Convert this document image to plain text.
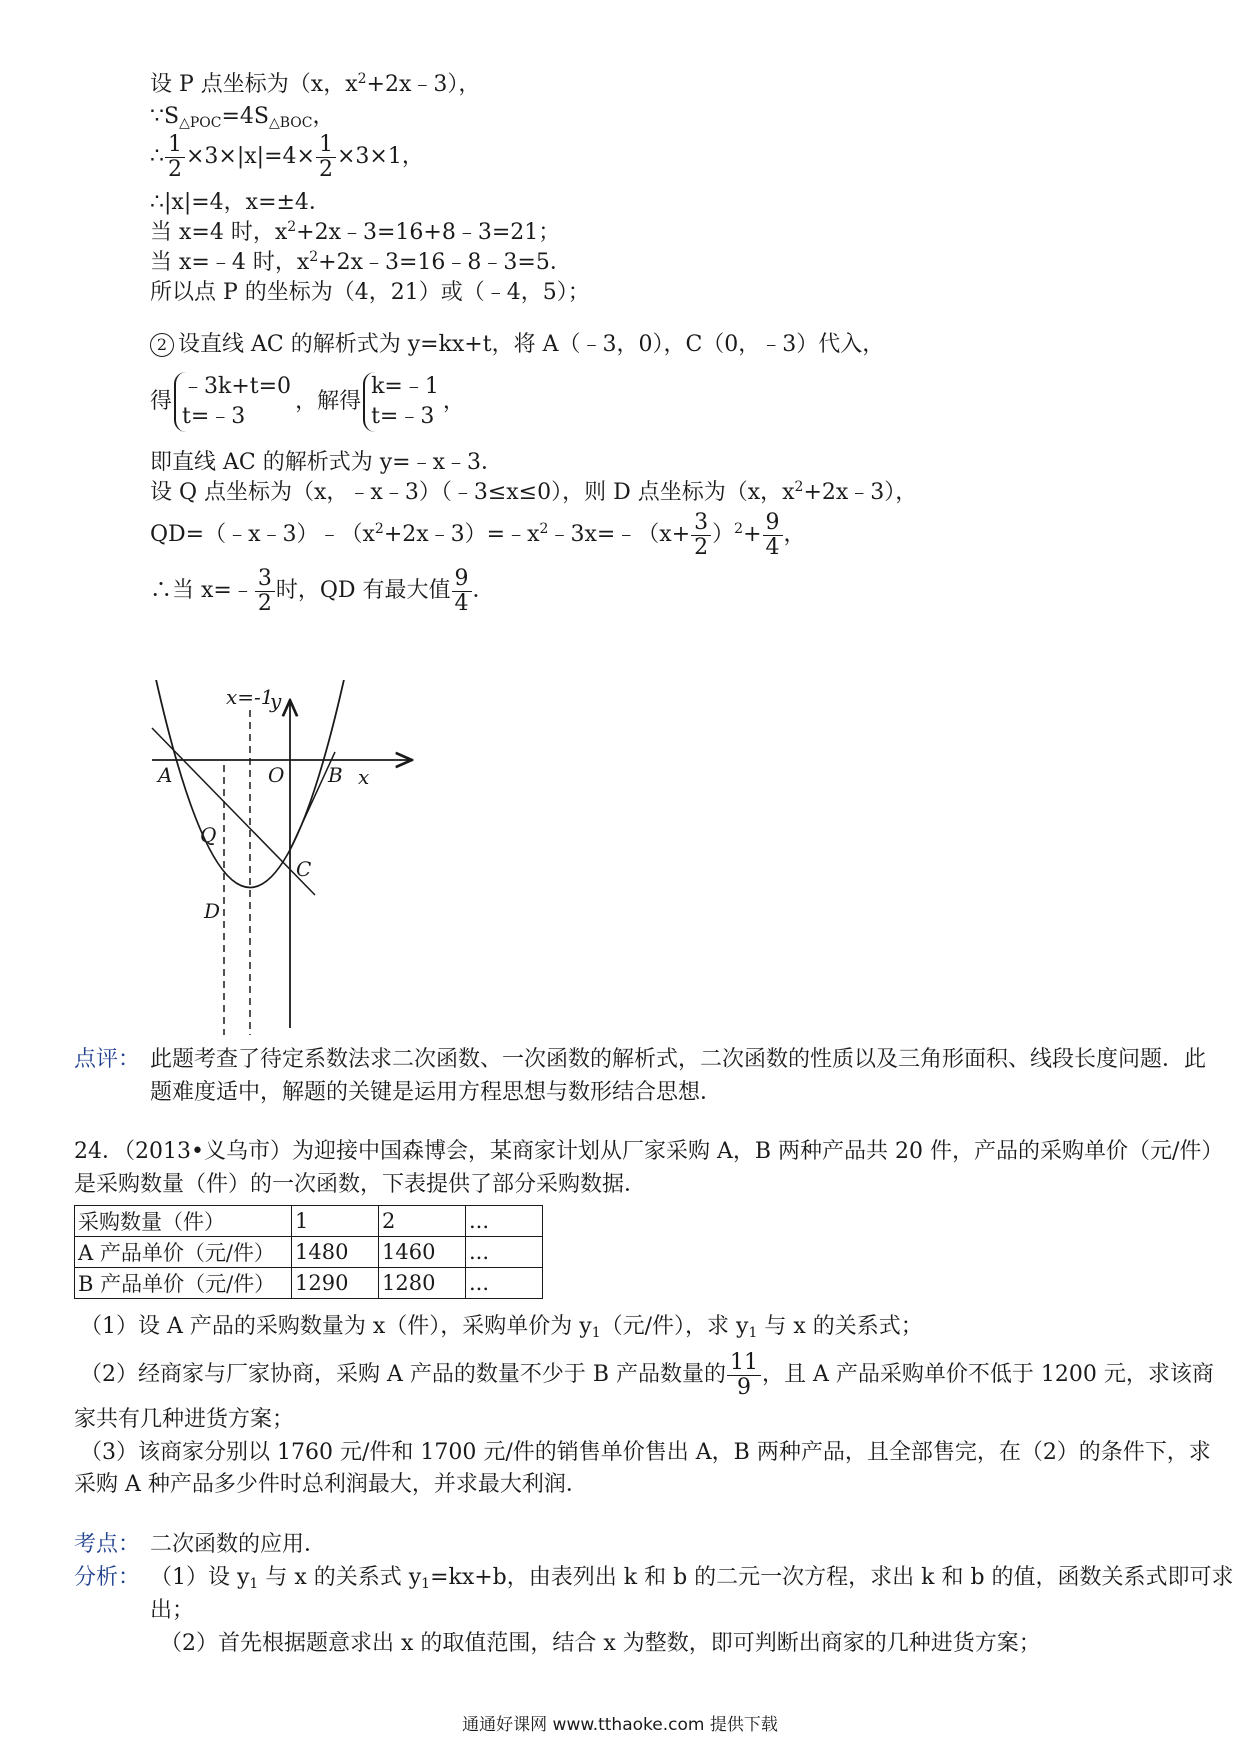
设 P 点坐标为（x，$x^2+2x﹣3$），
$\because S_{\triangle POC}=4S_{\triangle BOC}$，
∴ $\frac{1}{2} \times 3\times|x|=4\times \frac{1}{2} \times 3\times 1$，
∴|x|=4，x=±4．
当 x=4 时，$x^2+2x﹣3=16+8﹣3=21$；
当 x=﹣4 时，$x^2+2x﹣3=16﹣8﹣3=5$．
所以点 P 的坐标为（4，21）或（﹣4，5）；
2 设直线 AC 的解析式为 y=kx+t，将 A（﹣3，0），C（0，﹣3）代入，
得
﹣3k+t=0
t=﹣3
，解得
k=﹣1
t=﹣3
，
即直线 AC 的解析式为 y=﹣x﹣3．
设 Q 点坐标为（x，﹣x﹣3）（﹣3≤x≤0），则 D 点坐标为（x，$x^2+2x﹣3$），
$QD=(﹣x﹣3)﹣(x^2+2x﹣3)=﹣x^2﹣3x=﹣(x+ \frac{3}{2} )^2+ \frac{9}{4}$ ，
∴当 x=﹣ $\frac{3}{2}$ 时，QD 有最大值 $\frac{9}{4}$ ．
x=-1
y
x
A	O B
Q
C
D
点评： 此题考查了待定系数法求二次函数、一次函数的解析式，二次函数的性质以及三角形面积、线段长度问题．此
题难度适中，解题的关键是运用方程思想与数形结合思想．
24．（2013•义乌市）为迎接中国森博会，某商家计划从厂家采购 A，B 两种产品共 20 件，产品的采购单价（元/件）
是采购数量（件）的一次函数，下表提供了部分采购数据．
采购数量（件）	1	2	...
A 产品单价（元/件）	1480	1460	...
B 产品单价（元/件）	1290	1280	...
（1）设 A 产品的采购数量为 x（件），采购单价为 $y_1$（元/件），求 $y_1$ 与 x 的关系式；
（2）经商家与厂家协商，采购 A 产品的数量不少于 B 产品数量的 $\frac{11}{9}$ ，且 A 产品采购单价不低于 1200 元，求该商
家共有几种进货方案；
（3）该商家分别以 1760 元/件和 1700 元/件的销售单价售出 A，B 两种产品，且全部售完，在（2）的条件下，求
采购 A 种产品多少件时总利润最大，并求最大利润．
考点： 二次函数的应用．
分析： （1）设 $y_1$ 与 x 的关系式 $y_1=kx+b$，由表列出 k 和 b 的二元一次方程，求出 k 和 b 的值，函数关系式即可求
出；
（2）首先根据题意求出 x 的取值范围，结合 x 为整数，即可判断出商家的几种进货方案；
通通好课网 www.tthaoke.com 提供下载
